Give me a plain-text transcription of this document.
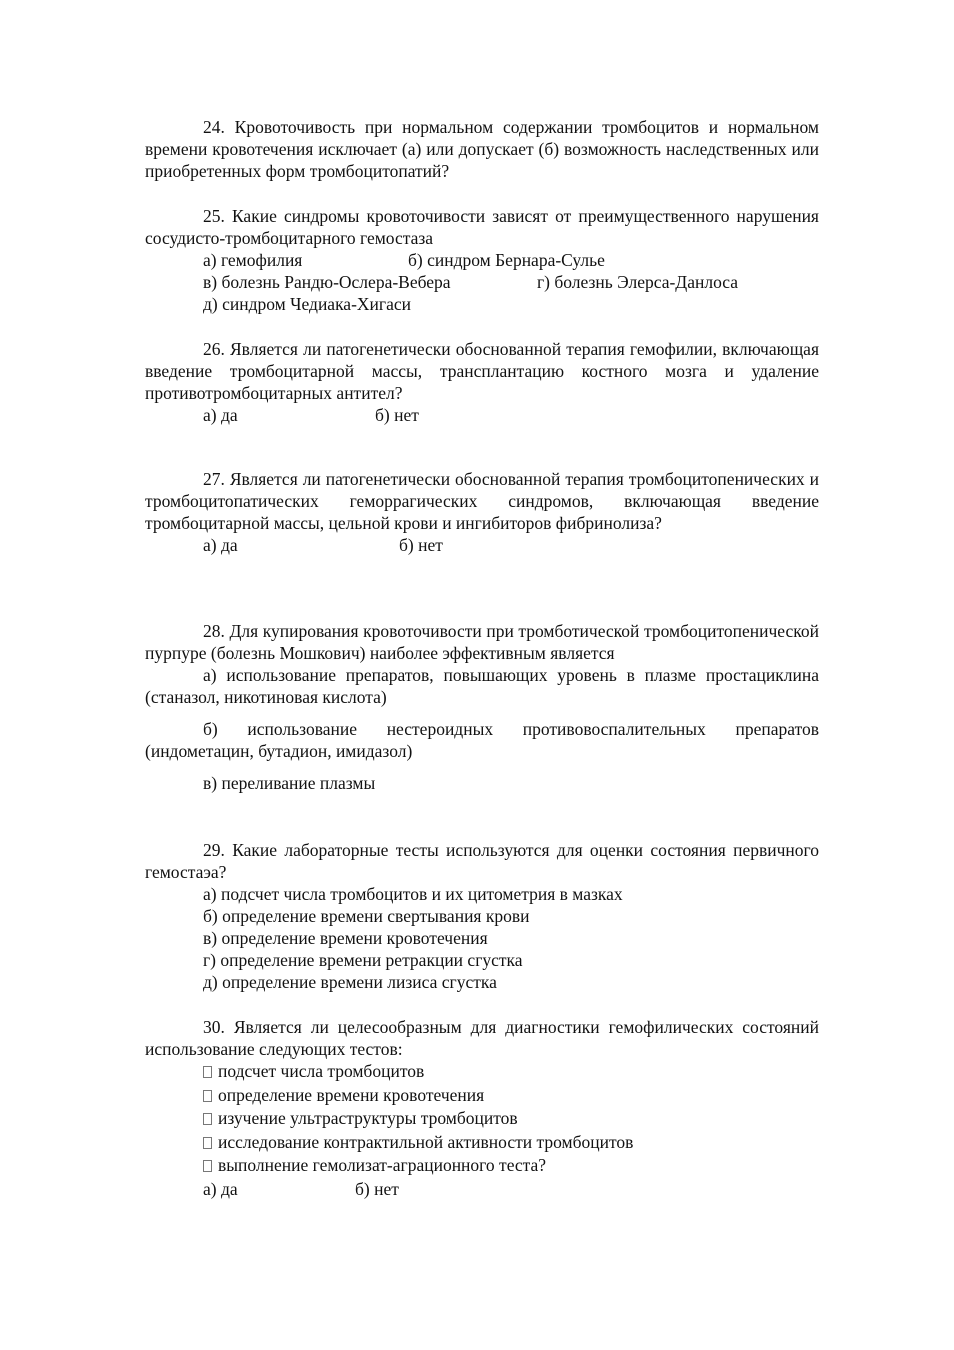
24. Кровоточивость при нормальном содержании тромбоцитов и нормальном времени кровотечения исключает (а) или допускает (б) возможность наследственных или приобретенных форм тромбоцитопатий?

25. Какие синдромы кровоточивости зависят от преимущественного нарушения сосудисто-тромбоцитарного гемостаза

а) гемофилия	б) синдром Бернара-Сулье
в) болезнь Рандю-Ослера-Вебера	г) болезнь Элерса-Данлоса
д) синдром Чедиака-Хигаси

26. Является ли патогенетически обоснованной терапия гемофилии, включающая введение тромбоцитарной массы, трансплантацию костного мозга и удаление противотромбоцитарных антител?

а) да	б) нет

27. Является ли патогенетически обоснованной терапия тромбоцитопенических и тромбоцитопатических геморрагических синдромов, включающая введение тромбоцитарной массы, цельной крови и ингибиторов фибринолиза?

а) да	б) нет

28. Для купирования кровоточивости при тромботической тромбоцитопенической пурпуре (болезнь Мошкович) наиболее эффективным является

а) использование препаратов, повышающих уровень в плазме простациклина (станазол, никотиновая кислота)

б) использование нестероидных противовоспалительных препаратов (индометацин, бутадион, имидазол)

в) переливание плазмы

29. Какие лабораторные тесты используются для оценки состояния первичного гемостаэа?

а) подсчет числа тромбоцитов и их цитометрия в мазках
б) определение времени свертывания крови
в) определение времени кровотечения
г) определение времени ретракции сгустка
д) определение времени лизиса сгустка

30. Является ли целесообразным для диагностики гемофилических состояний использование следующих тестов:

подсчет числа тромбоцитов
определение времени кровотечения
изучение ультраструктуры тромбоцитов
исследование контрактильной активности тромбоцитов
выполнение гемолизат-аграционного теста?
а) да	б) нет
